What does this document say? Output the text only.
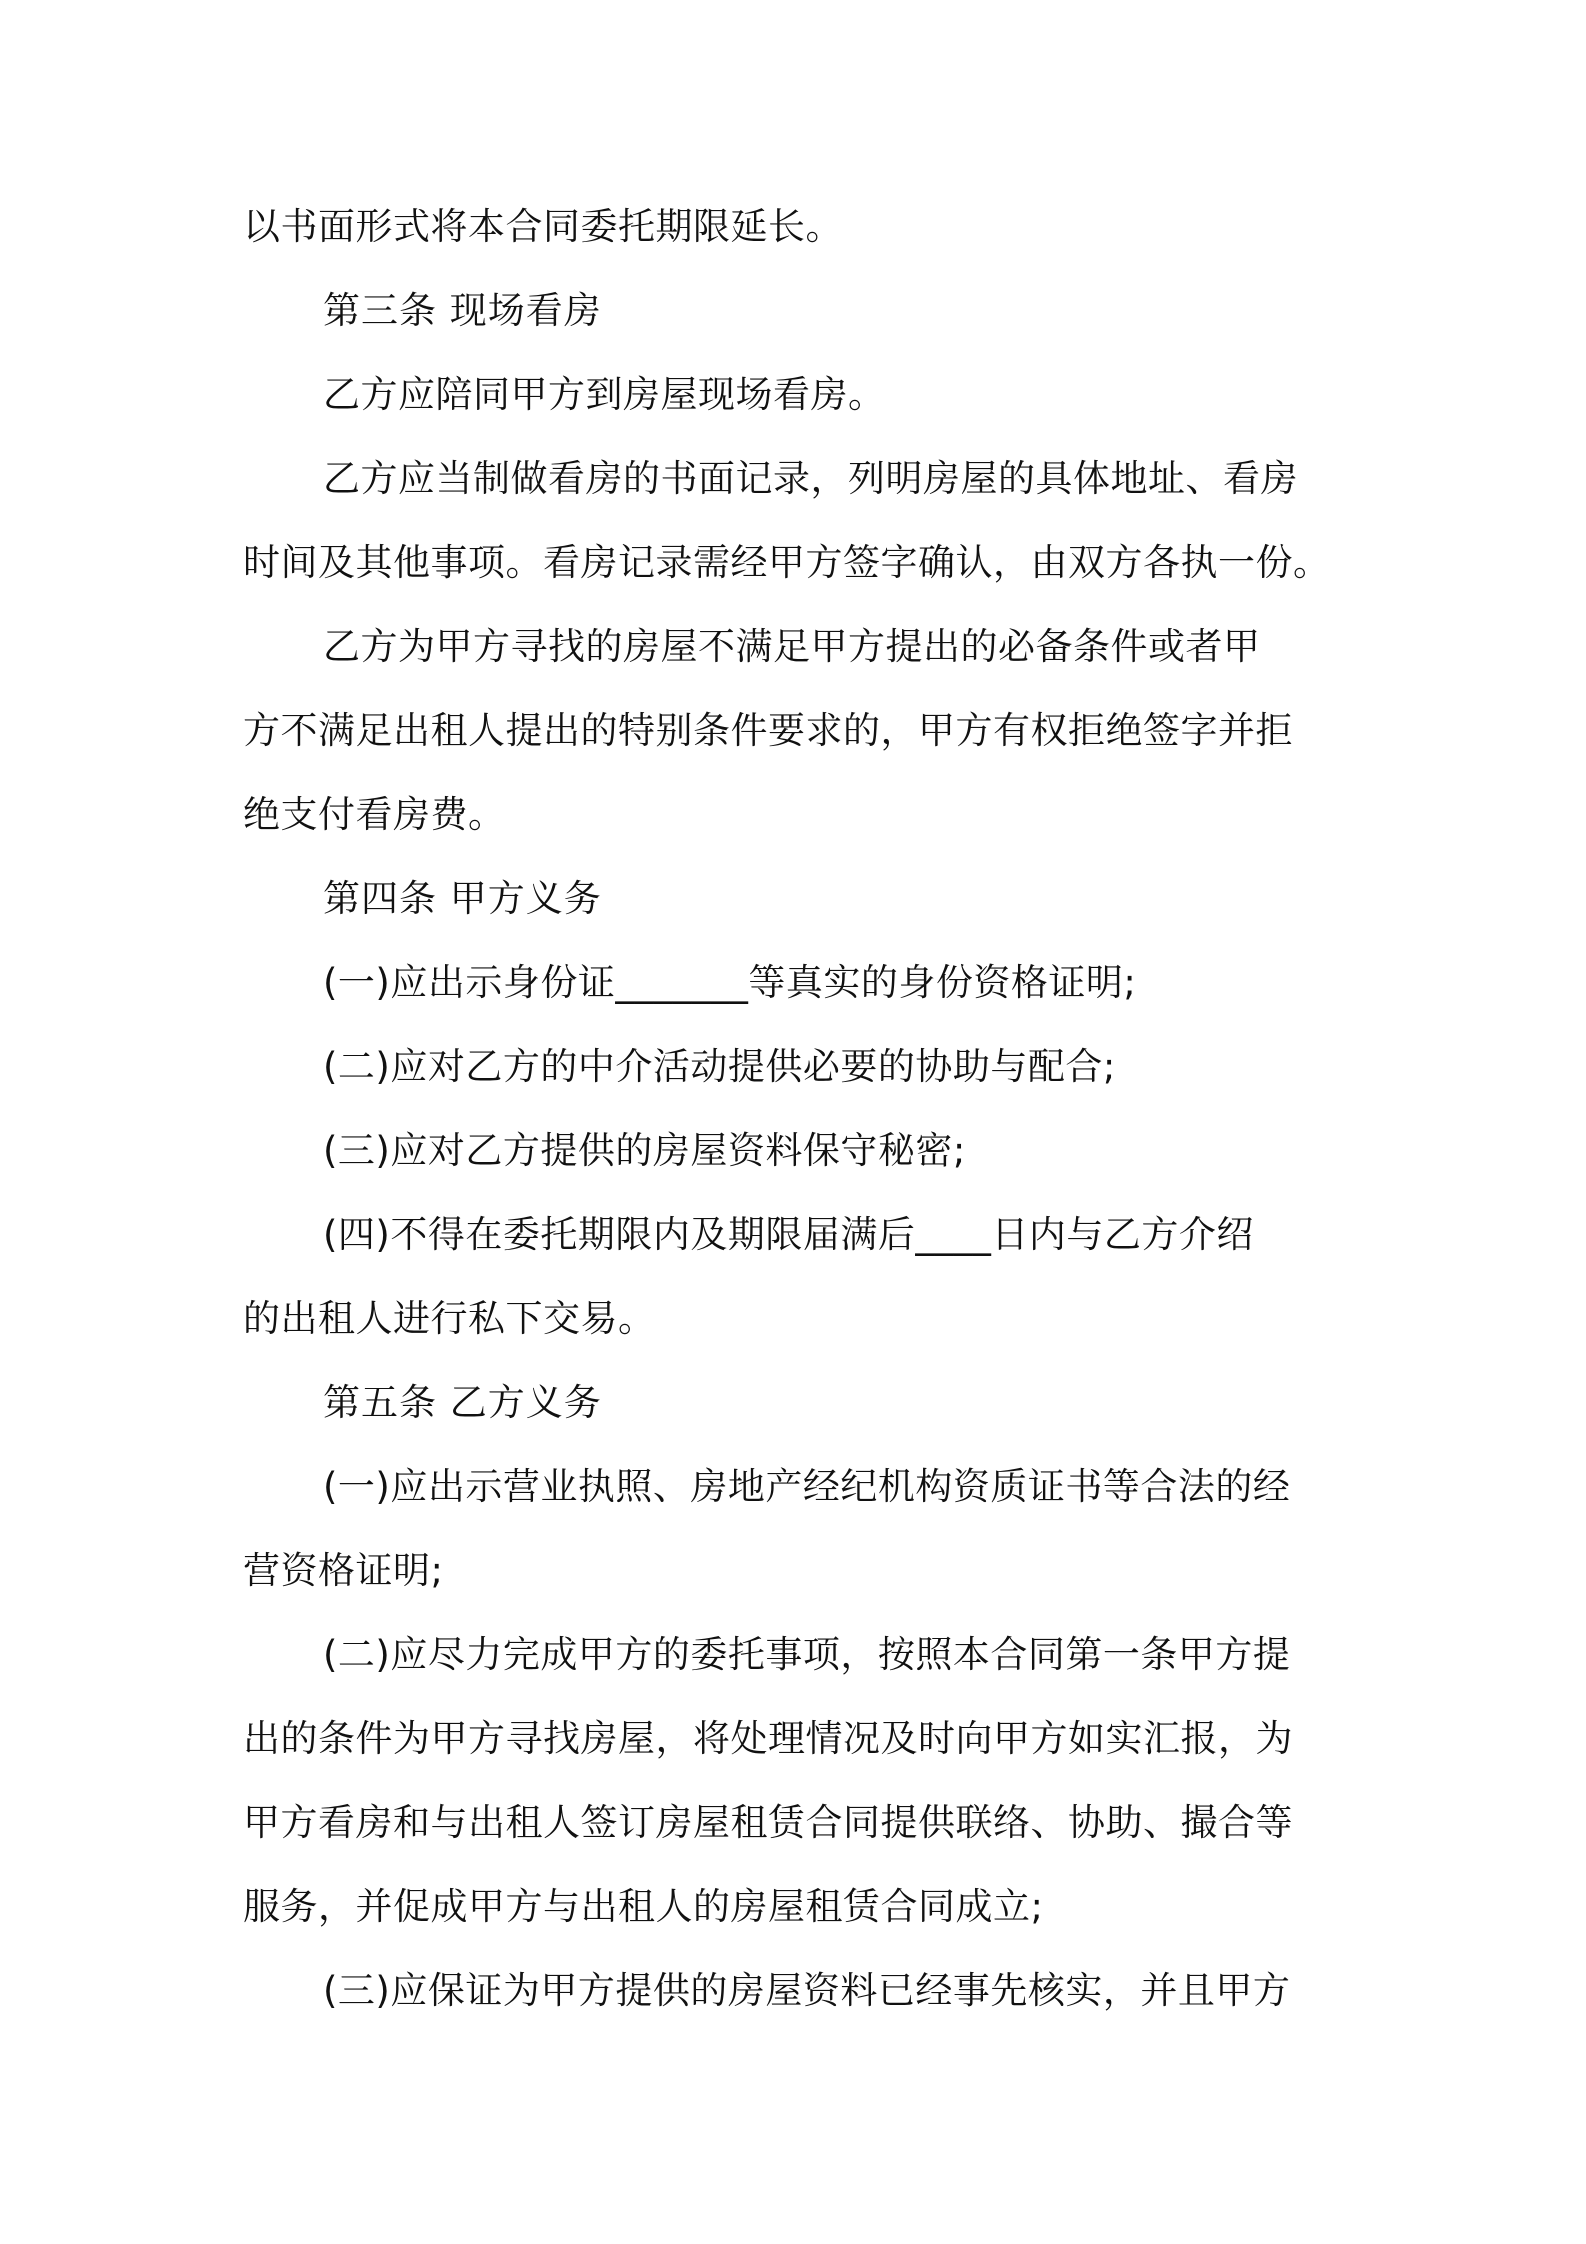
以书面形式将本合同委托期限延长。
第三条 现场看房
乙方应陪同甲方到房屋现场看房。
乙方应当制做看房的书面记录，列明房屋的具体地址、看房
时间及其他事项。看房记录需经甲方签字确认，由双方各执一份。
乙方为甲方寻找的房屋不满足甲方提出的必备条件或者甲
方不满足出租人提出的特别条件要求的，甲方有权拒绝签字并拒
绝支付看房费。
第四条 甲方义务
(一)应出示身份证_______等真实的身份资格证明;
(二)应对乙方的中介活动提供必要的协助与配合;
(三)应对乙方提供的房屋资料保守秘密;
(四)不得在委托期限内及期限届满后____日内与乙方介绍
的出租人进行私下交易。
第五条 乙方义务
(一)应出示营业执照、房地产经纪机构资质证书等合法的经
营资格证明;
(二)应尽力完成甲方的委托事项，按照本合同第一条甲方提
出的条件为甲方寻找房屋，将处理情况及时向甲方如实汇报，为
甲方看房和与出租人签订房屋租赁合同提供联络、协助、撮合等
服务，并促成甲方与出租人的房屋租赁合同成立;
(三)应保证为甲方提供的房屋资料已经事先核实，并且甲方
